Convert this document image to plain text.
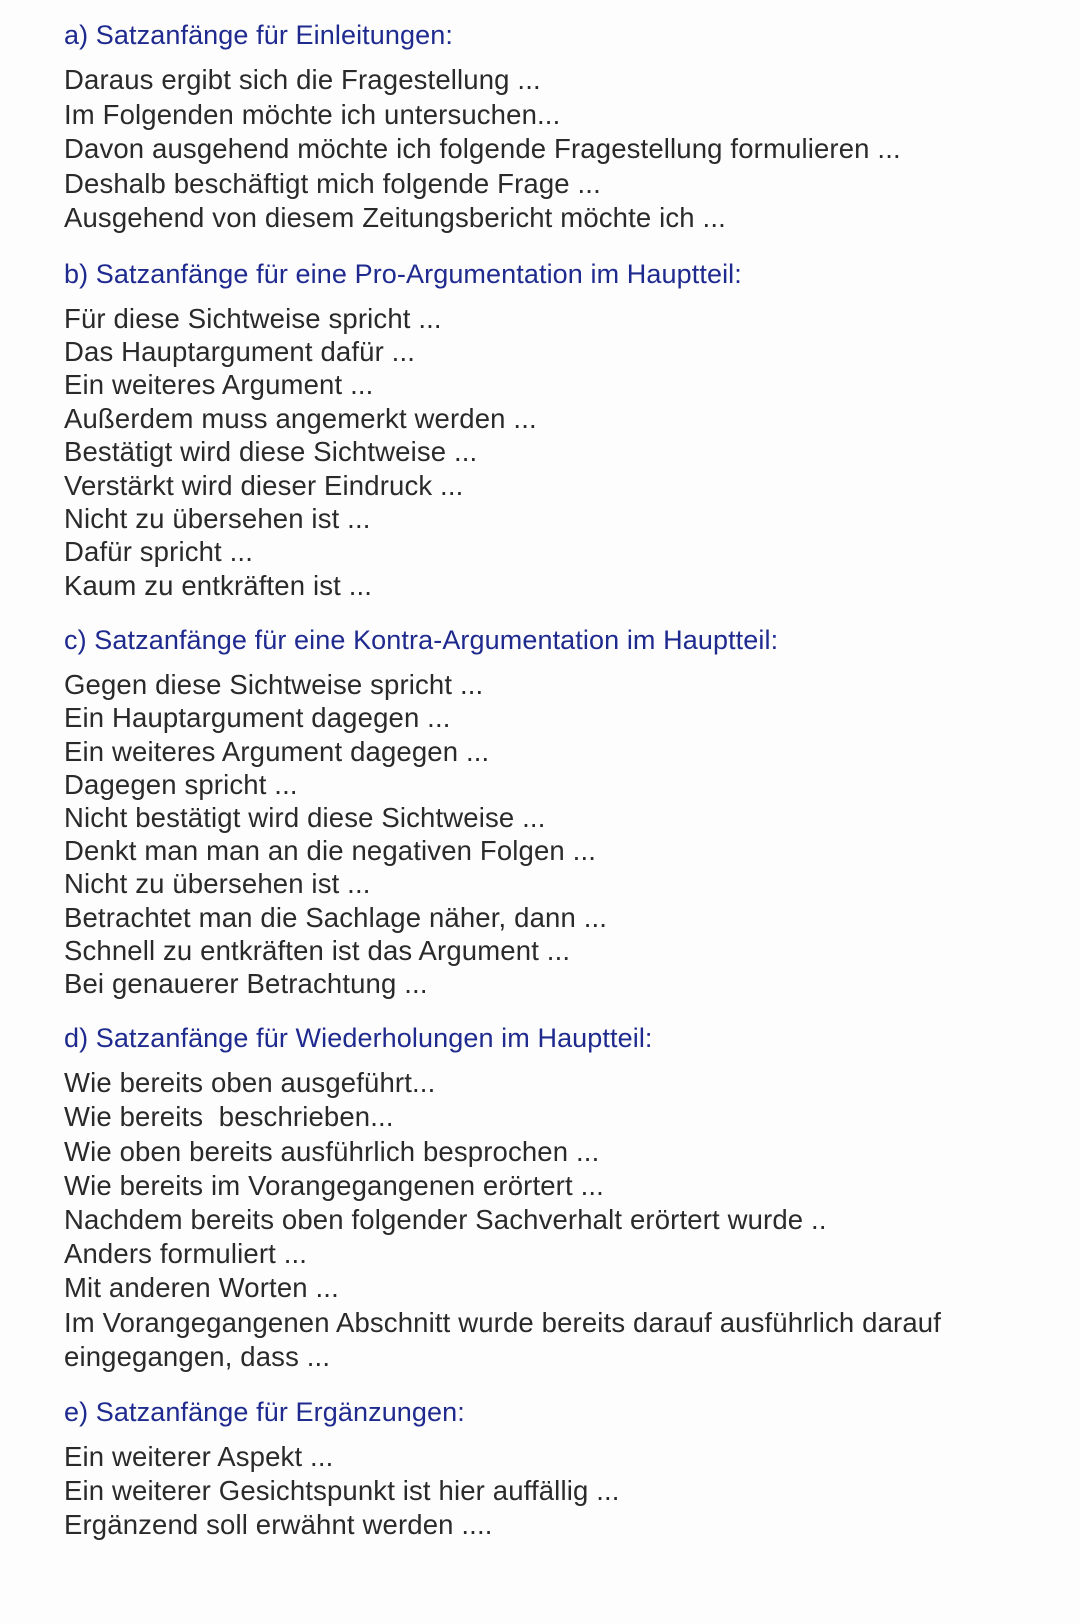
a) Satzanfänge für Einleitungen:
Daraus ergibt sich die Fragestellung ...
Im Folgenden möchte ich untersuchen...
Davon ausgehend möchte ich folgende Fragestellung formulieren ...
Deshalb beschäftigt mich folgende Frage ...
Ausgehend von diesem Zeitungsbericht möchte ich ...
b) Satzanfänge für eine Pro-Argumentation im Hauptteil:
Für diese Sichtweise spricht ...
Das Hauptargument dafür ...
Ein weiteres Argument ...
Außerdem muss angemerkt werden ...
Bestätigt wird diese Sichtweise ...
Verstärkt wird dieser Eindruck ...
Nicht zu übersehen ist ...
Dafür spricht ...
Kaum zu entkräften ist ...
c) Satzanfänge für eine Kontra-Argumentation im Hauptteil:
Gegen diese Sichtweise spricht ...
Ein Hauptargument dagegen ...
Ein weiteres Argument dagegen ...
Dagegen spricht ...
Nicht bestätigt wird diese Sichtweise ...
Denkt man man an die negativen Folgen ...
Nicht zu übersehen ist ...
Betrachtet man die Sachlage näher, dann ...
Schnell zu entkräften ist das Argument ...
Bei genauerer Betrachtung ...
d) Satzanfänge für Wiederholungen im Hauptteil:
Wie bereits oben ausgeführt...
Wie bereits  beschrieben...
Wie oben bereits ausführlich besprochen ...
Wie bereits im Vorangegangenen erörtert ...
Nachdem bereits oben folgender Sachverhalt erörtert wurde ..
Anders formuliert ...
Mit anderen Worten ...
Im Vorangegangenen Abschnitt wurde bereits darauf ausführlich darauf
eingegangen, dass ...
e) Satzanfänge für Ergänzungen:
Ein weiterer Aspekt ...
Ein weiterer Gesichtspunkt ist hier auffällig ...
Ergänzend soll erwähnt werden ....
